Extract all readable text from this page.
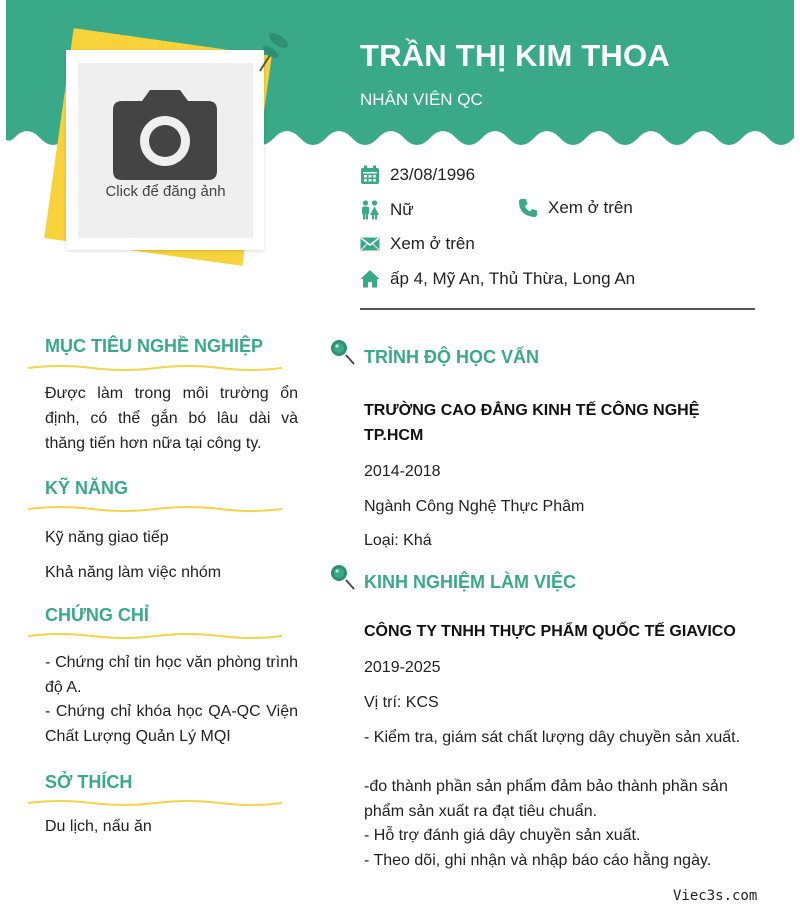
TRẦN THỊ KIM THOA
NHÂN VIÊN QC
Click để đăng ảnh
23/08/1996
Nữ	Xem ở trên
Xem ở trên
ấp 4, Mỹ An, Thủ Thừa, Long An
MỤC TIÊU NGHỀ NGHIỆP
Được làm trong môi trường ổn định, có thể gắn bó lâu dài và thăng tiến hơn nữa tại công ty.
KỸ NĂNG
Kỹ năng giao tiếp
Khả năng làm việc nhóm
CHỨNG CHỈ
- Chứng chỉ tin học văn phòng trình độ A.
- Chứng chỉ khóa học QA-QC Viện Chất Lượng Quản Lý MQI
SỞ THÍCH
Du lịch, nấu ăn
TRÌNH ĐỘ HỌC VẤN
TRƯỜNG CAO ĐẲNG KINH TẾ CÔNG NGHỆ TP.HCM
2014-2018
Ngành Công Nghệ Thực Phâm
Loại: Khá
KINH NGHIỆM LÀM VIỆC
CÔNG TY TNHH THỰC PHẨM QUỐC TẾ GIAVICO
2019-2025
Vị trí: KCS
- Kiểm tra, giám sát chất lượng dây chuyền sản xuất.
-đo thành phần sản phẩm đảm bảo thành phần sản phẩm sản xuất ra đạt tiêu chuẩn.
- Hỗ trợ đánh giá dây chuyền sản xuất.
- Theo dõi, ghi nhận và nhập báo cáo hằng ngày.
Viec3s.com
